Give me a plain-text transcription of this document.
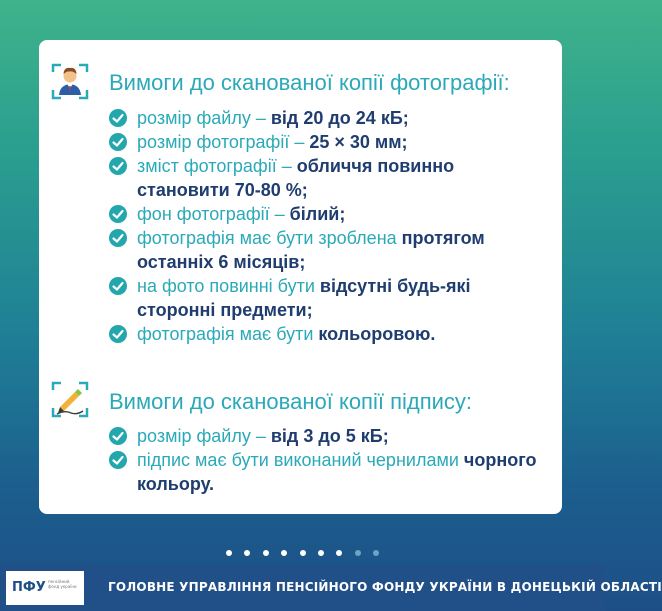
Вимоги до сканованої копії фотографії:
розмір файлу – від 20 до 24 кБ;
розмір фотографії – 25 × 30 мм;
зміст фотографії – обличчя повинно становити 70-80 %;
фон фотографії – білий;
фотографія має бути зроблена протягом останніх 6 місяців;
на фото повинні бути відсутні будь-які сторонні предмети;
фотографія має бути кольоровою.
Вимоги до сканованої копії підпису:
розмір файлу – від 3 до 5 кБ;
підпис має бути виконаний чернилами чорного кольору.

ПФУ пенсійний фонд україни	ГОЛОВНЕ УПРАВЛІННЯ ПЕНСІЙНОГО ФОНДУ УКРАЇНИ В ДОНЕЦЬКІЙ ОБЛАСТІ
